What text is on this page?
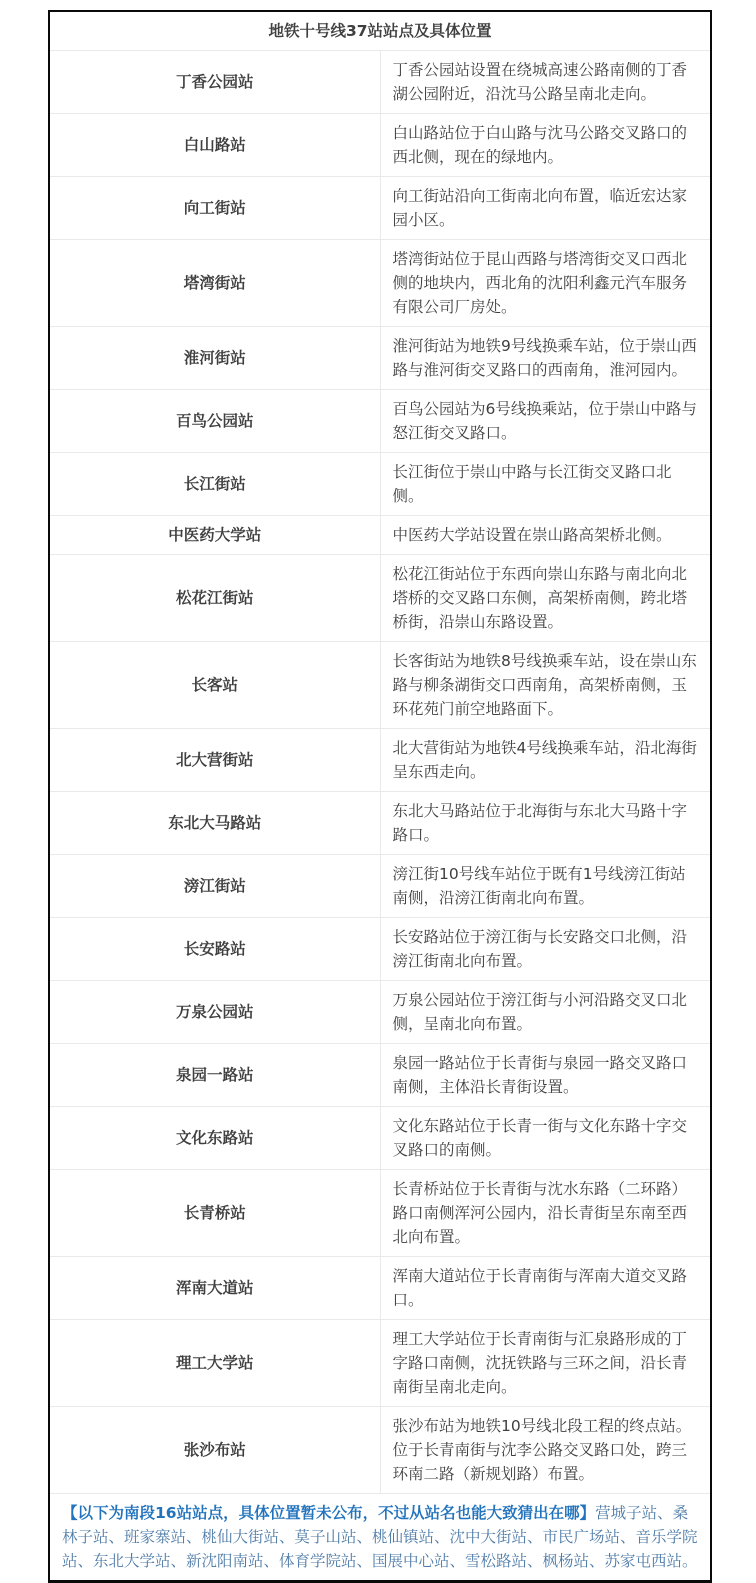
地铁十号线37站站点及具体位置	
丁香公园站	丁香公园站设置在绕城高速公路南侧的丁香湖公园附近，沿沈马公路呈南北走向。
白山路站	白山路站位于白山路与沈马公路交叉路口的西北侧，现在的绿地内。
向工街站	向工街站沿向工街南北向布置，临近宏达家园小区。
塔湾街站	塔湾街站位于昆山西路与塔湾街交叉口西北侧的地块内，西北角的沈阳利鑫元汽车服务有限公司厂房处。
淮河街站	淮河街站为地铁9号线换乘车站，位于崇山西路与淮河街交叉路口的西南角，淮河园内。
百鸟公园站	百鸟公园站为6号线换乘站，位于崇山中路与怒江街交叉路口。
长江街站	长江街位于崇山中路与长江街交叉路口北侧。
中医药大学站	中医药大学站设置在崇山路高架桥北侧。
松花江街站	松花江街站位于东西向崇山东路与南北向北塔桥的交叉路口东侧，高架桥南侧，跨北塔桥街，沿崇山东路设置。
长客站	长客街站为地铁8号线换乘车站，设在崇山东路与柳条湖街交口西南角，高架桥南侧，玉环花苑门前空地路面下。
北大营街站	北大营街站为地铁4号线换乘车站，沿北海街呈东西走向。
东北大马路站	东北大马路站位于北海街与东北大马路十字路口。
滂江街站	滂江街10号线车站位于既有1号线滂江街站南侧，沿滂江街南北向布置。
长安路站	长安路站位于滂江街与长安路交口北侧，沿滂江街南北向布置。
万泉公园站	万泉公园站位于滂江街与小河沿路交叉口北侧，呈南北向布置。
泉园一路站	泉园一路站位于长青街与泉园一路交叉路口南侧，主体沿长青街设置。
文化东路站	文化东路站位于长青一街与文化东路十字交叉路口的南侧。
长青桥站	长青桥站位于长青街与沈水东路（二环路）路口南侧浑河公园内，沿长青街呈东南至西北向布置。
浑南大道站	浑南大道站位于长青南街与浑南大道交叉路口。
理工大学站	理工大学站位于长青南街与汇泉路形成的丁字路口南侧，沈抚铁路与三环之间，沿长青南街呈南北走向。
张沙布站	张沙布站为地铁10号线北段工程的终点站。位于长青南街与沈李公路交叉路口处，跨三环南二路（新规划路）布置。
【以下为南段16站站点，具体位置暂未公布，不过从站名也能大致猜出在哪】营城子站、桑林子站、班家寨站、桃仙大街站、莫子山站、桃仙镇站、沈中大街站、市民广场站、音乐学院站、东北大学站、新沈阳南站、体育学院站、国展中心站、雪松路站、枫杨站、苏家屯西站。	
